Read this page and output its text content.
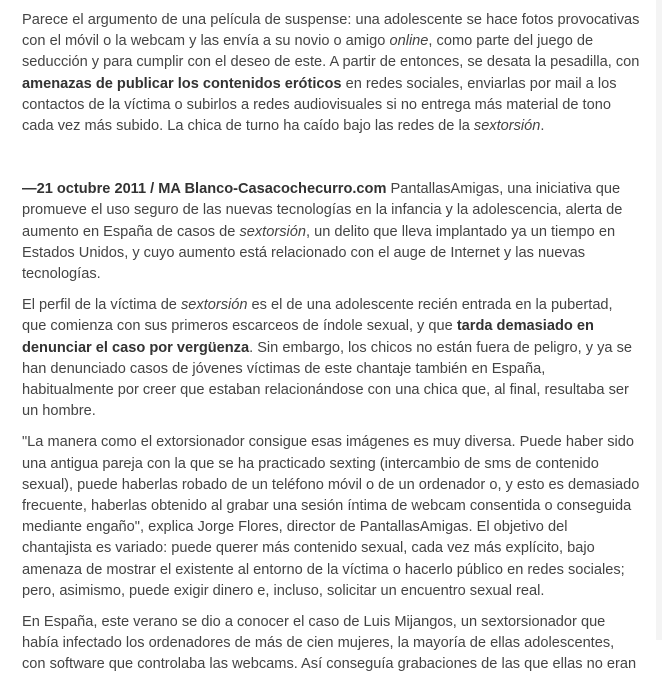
Parece el argumento de una película de suspense: una adolescente se hace fotos provocativas con el móvil o la webcam y las envía a su novio o amigo online, como parte del juego de seducción y para cumplir con el deseo de este. A partir de entonces, se desata la pesadilla, con amenazas de publicar los contenidos eróticos en redes sociales, enviarlas por mail a los contactos de la víctima o subirlos a redes audiovisuales si no entrega más material de tono cada vez más subido. La chica de turno ha caído bajo las redes de la sextorsión.

—21 octubre 2011 / MA Blanco-Casacochecurro.com PantallasAmigas, una iniciativa que promueve el uso seguro de las nuevas tecnologías en la infancia y la adolescencia, alerta de aumento en España de casos de sextorsión, un delito que lleva implantado ya un tiempo en Estados Unidos, y cuyo aumento está relacionado con el auge de Internet y las nuevas tecnologías.

El perfil de la víctima de sextorsión es el de una adolescente recién entrada en la pubertad, que comienza con sus primeros escarceos de índole sexual, y que tarda demasiado en denunciar el caso por vergüenza. Sin embargo, los chicos no están fuera de peligro, y ya se han denunciado casos de jóvenes víctimas de este chantaje también en España, habitualmente por creer que estaban relacionándose con una chica que, al final, resultaba ser un hombre.

"La manera como el extorsionador consigue esas imágenes es muy diversa. Puede haber sido una antigua pareja con la que se ha practicado sexting (intercambio de sms de contenido sexual), puede haberlas robado de un teléfono móvil o de un ordenador o, y esto es demasiado frecuente, haberlas obtenido al grabar una sesión íntima de webcam consentida o conseguida mediante engaño", explica Jorge Flores, director de PantallasAmigas. El objetivo del chantajista es variado: puede querer más contenido sexual, cada vez más explícito, bajo amenaza de mostrar el existente al entorno de la víctima o hacerlo público en redes sociales; pero, asimismo, puede exigir dinero e, incluso, solicitar un encuentro sexual real.

En España, este verano se dio a conocer el caso de Luis Mijangos, un sextorsionador que había infectado los ordenadores de más de cien mujeres, la mayoría de ellas adolescentes, con software que controlaba las webcams. Así conseguía grabaciones de las que ellas no eran
